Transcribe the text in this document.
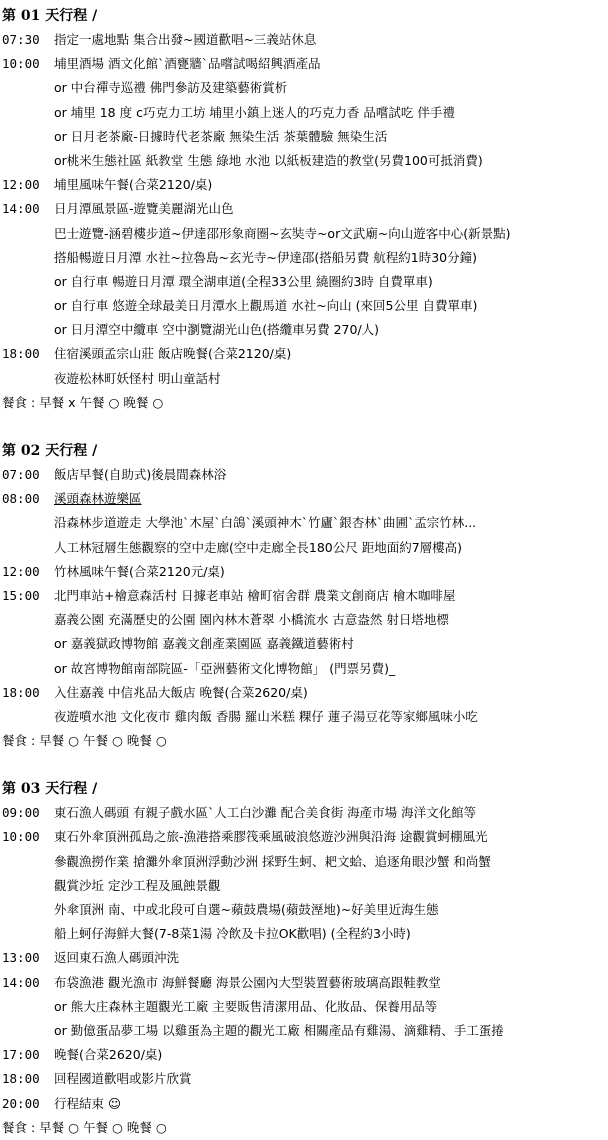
第 01 天行程 /
07:30 指定一處地點 集合出發~國道歡唱~三義站休息
10:00 埔里酒場 酒文化館`酒甕牆`品嚐試喝紹興酒產品
or 中台禪寺巡禮 佛門參訪及建築藝術賞析
or 埔里 18 度 c巧克力工坊 埔里小鎮上迷人的巧克力香 品嚐試吃 伴手禮
or 日月老茶廠-日據時代老茶廠 無染生活 茶葉體驗 無染生活
or桃米生態社區 紙教堂 生態 綠地 水池 以紙板建造的教堂(另費100可抵消費)
12:00 埔里風味午餐(合菜2120/桌)
14:00 日月潭風景區-遊覽美麗湖光山色
巴士遊覽-涵碧樓步道~伊達邵形象商圈~玄奘寺~or文武廟~向山遊客中心(新景點)
搭船暢遊日月潭 水社~拉魯島~玄光寺~伊達邵(搭船另費 航程約1時30分鐘)
or 自行車 暢遊日月潭 環全湖車道(全程33公里 繞圈約3時 自費單車)
or 自行車 悠遊全球最美日月潭水上觀馬道 水社~向山 (來回5公里 自費單車)
or 日月潭空中纜車 空中瀏覽湖光山色(搭纜車另費 270/人)
18:00 住宿溪頭孟宗山莊 飯店晚餐(合菜2120/桌)
夜遊松林町妖怪村 明山童話村
餐食 : 早餐 x 午餐 ○ 晚餐 ○
第 02 天行程 /
07:00 飯店早餐(自助式)後晨間森林浴
08:00 溪頭森林遊樂區
沿森林步道遊走 大學池`木屋`白鴿`溪頭神木`竹廬`銀杏林`曲圃`孟宗竹林...
人工林冠層生態觀察的空中走廊(空中走廊全長180公尺 距地面約7層樓高)
12:00 竹林風味午餐(合菜2120元/桌)
15:00 北門車站+檜意森活村 日據老車站 檜町宿舍群 農業文創商店 檜木咖啡屋
嘉義公園 充滿歷史的公園 園內林木蒼翠 小橋流水 古意盎然 射日塔地標
or 嘉義獄政博物館 嘉義文創產業園區 嘉義鐵道藝術村
or 故宮博物館南部院區-「亞洲藝術文化博物館」 (門票另費)_
18:00 入住嘉義 中信兆品大飯店 晚餐(合菜2620/桌)
夜遊噴水池 文化夜市 雞肉飯 香腸 羅山米糕 粿仔 蓮子湯豆花等家鄉風味小吃
餐食 : 早餐 ○ 午餐 ○ 晚餐 ○
第 03 天行程 /
09:00 東石漁人碼頭 有親子戲水區`人工白沙灘 配合美食街 海產市場 海洋文化館等
10:00 東石外傘頂洲孤島之旅-漁港搭乘膠筏乘風破浪悠遊沙洲與沿海 途觀賞蚵棚風光
參觀漁撈作業 搶灘外傘頂洲浮動沙洲 採野生蚵、耙文蛤、追逐角眼沙蟹 和尚蟹
觀賞沙坵 定沙工程及風蝕景觀
外傘頂洲 南、中或北段可自選~蘋鼓農場(蘋鼓溼地)~好美里近海生態
船上蚵仔海鮮大餐(7-8菜1湯 冷飲及卡拉OK歡唱) (全程約3小時)
13:00 返回東石漁人碼頭沖洗
14:00 布袋漁港 觀光漁市 海鮮餐廳 海景公園內大型裝置藝術玻璃高跟鞋教堂
or 熊大庄森林主題觀光工廠 主要販售清潔用品、化妝品、保養用品等
or 勤億蛋品夢工場 以雞蛋為主題的觀光工廠 相關產品有雞湯、滴雞精、手工蛋捲
17:00 晚餐(合菜2620/桌)
18:00 回程國道歡唱或影片欣賞
20:00 行程結束 ☺
餐食 : 早餐 ○ 午餐 ○ 晚餐 ○
